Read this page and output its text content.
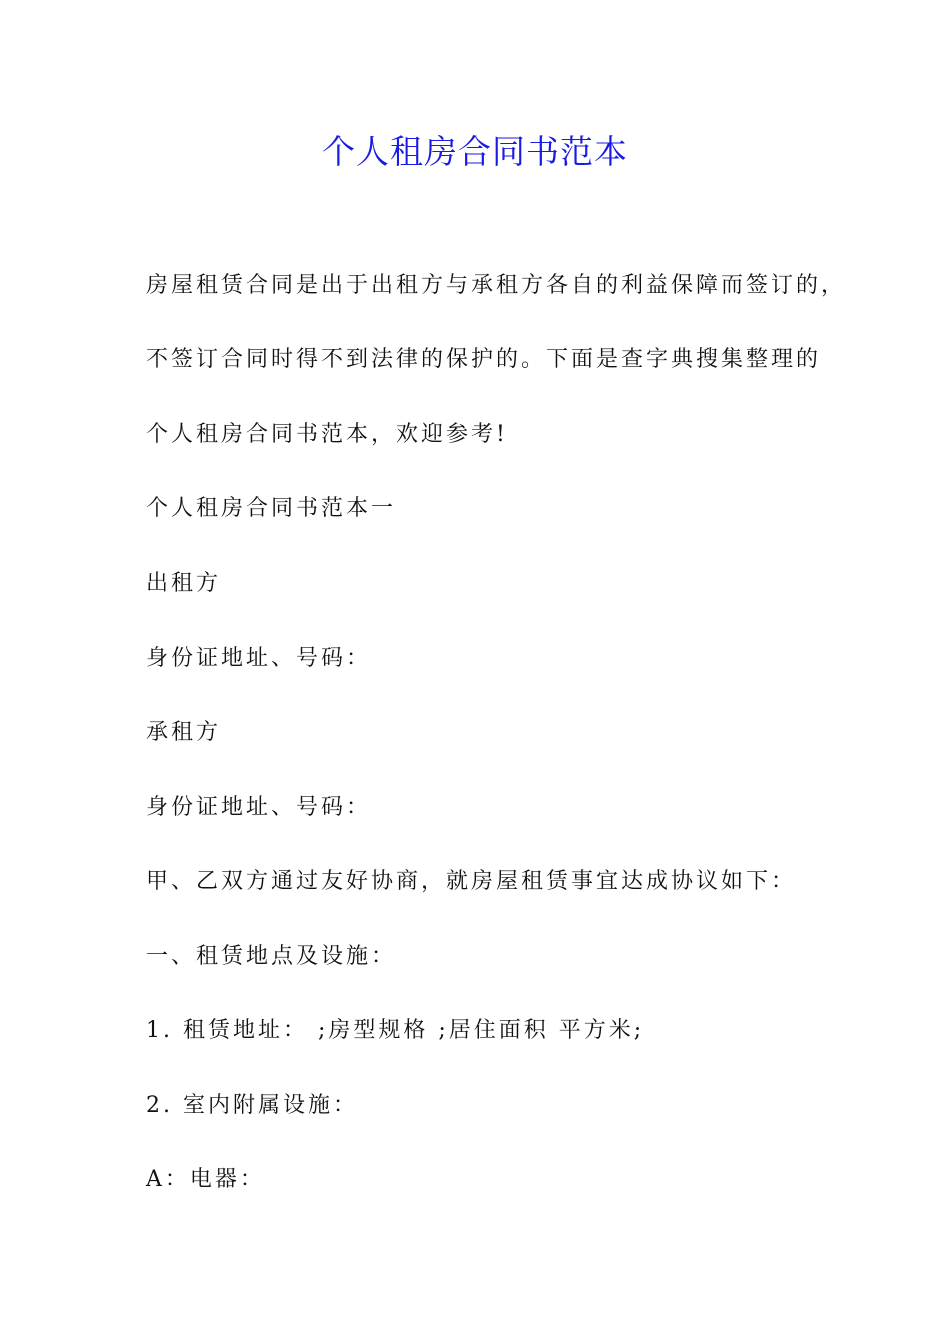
个人租房合同书范本
房屋租赁合同是出于出租方与承租方各自的利益保障而签订的，
不签订合同时得不到法律的保护的。下面是查字典搜集整理的
个人租房合同书范本，欢迎参考!
个人租房合同书范本一
出租方
身份证地址、号码：
承租方
身份证地址、号码：
甲、乙双方通过友好协商，就房屋租赁事宜达成协议如下：
一、租赁地点及设施：
1. 租赁地址： ;房型规格 ;居住面积 平方米;
2. 室内附属设施：
A：电器：
